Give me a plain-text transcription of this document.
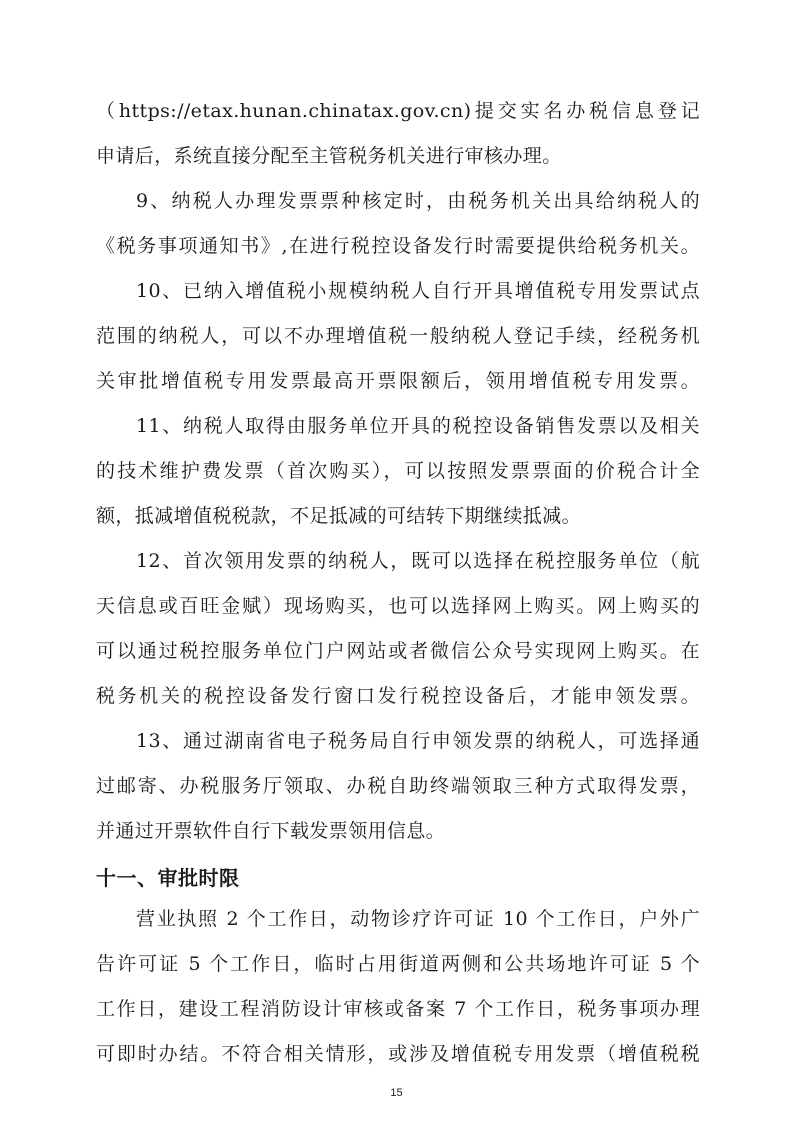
（https://etax.hunan.chinatax.gov.cn)提交实名办税信息登记
申请后，系统直接分配至主管税务机关进行审核办理。
9、纳税人办理发票票种核定时，由税务机关出具给纳税人的
《税务事项通知书》,在进行税控设备发行时需要提供给税务机关。
10、已纳入增值税小规模纳税人自行开具增值税专用发票试点
范围的纳税人，可以不办理增值税一般纳税人登记手续，经税务机
关审批增值税专用发票最高开票限额后，领用增值税专用发票。
11、纳税人取得由服务单位开具的税控设备销售发票以及相关
的技术维护费发票（首次购买），可以按照发票票面的价税合计全
额，抵减增值税税款，不足抵减的可结转下期继续抵减。
12、首次领用发票的纳税人，既可以选择在税控服务单位（航
天信息或百旺金赋）现场购买，也可以选择网上购买。网上购买的
可以通过税控服务单位门户网站或者微信公众号实现网上购买。在
税务机关的税控设备发行窗口发行税控设备后，才能申领发票。
13、通过湖南省电子税务局自行申领发票的纳税人，可选择通
过邮寄、办税服务厅领取、办税自助终端领取三种方式取得发票，
并通过开票软件自行下载发票领用信息。
十一、审批时限
营业执照 2 个工作日，动物诊疗许可证 10 个工作日，户外广
告许可证 5 个工作日，临时占用街道两侧和公共场地许可证 5 个
工作日，建设工程消防设计审核或备案 7 个工作日，税务事项办理
可即时办结。不符合相关情形，或涉及增值税专用发票（增值税税
15
